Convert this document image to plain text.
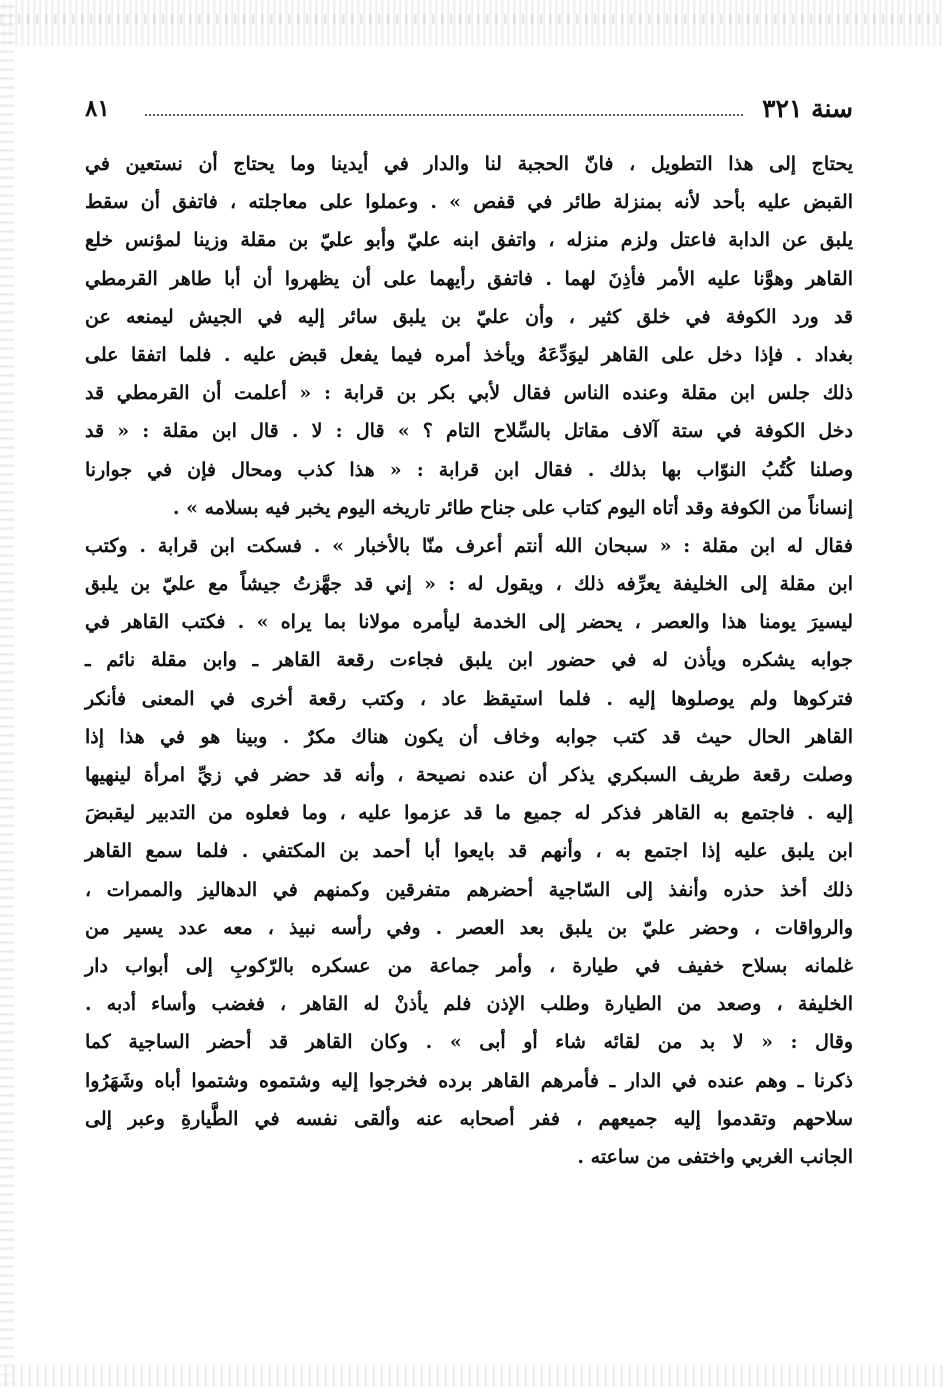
سنة ٣٢١
٨١
يحتاج إلى هذا التطويل ، فانّ الحجبة لنا والدار في أيدينا وما يحتاج أن نستعين في
القبض عليه بأحد لأنه بمنزلة طائر في قفص » . وعملوا على معاجلته ، فاتفق أن سقط
يلبق عن الدابة فاعتل ولزم منزله ، واتفق ابنه عليّ وأبو عليّ بن مقلة وزينا لمؤنس خلع
القاهر وهوَّنا عليه الأمر فأذِنَ لهما . فاتفق رأيهما على أن يظهروا أن أبا طاهر القرمطي
قد ورد الكوفة في خلق كثير ، وأن عليّ بن يلبق سائر إليه في الجيش ليمنعه عن
بغداد . فإذا دخل على القاهر ليوَدِّعَهُ ويأخذ أمره فيما يفعل قبض عليه . فلما اتفقا على
ذلك جلس ابن مقلة وعنده الناس فقال لأبي بكر بن قرابة : « أعلمت أن القرمطي قد
دخل الكوفة في ستة آلاف مقاتل بالسِّلاح التام ؟ » قال : لا . قال ابن مقلة : « قد
وصلنا كُتُبُ النوّاب بها بذلك . فقال ابن قرابة : « هذا كذب ومحال فإن في جوارنا
إنساناً من الكوفة وقد أتاه اليوم كتاب على جناح طائر تاريخه اليوم يخبر فيه بسلامه » .
فقال له ابن مقلة : « سبحان الله أنتم أعرف منّا بالأخبار » . فسكت ابن قرابة . وكتب
ابن مقلة إلى الخليفة يعرِّفه ذلك ، ويقول له : « إني قد جهَّزتُ جيشاً مع عليّ بن يلبق
ليسيرَ يومنا هذا والعصر ، يحضر إلى الخدمة ليأمره مولانا بما يراه » . فكتب القاهر في
جوابه يشكره ويأذن له في حضور ابن يلبق فجاءت رقعة القاهر ـ وابن مقلة نائم ـ
فتركوها ولم يوصلوها إليه . فلما استيقظ عاد ، وكتب رقعة أخرى في المعنى فأنكر
القاهر الحال حيث قد كتب جوابه وخاف أن يكون هناك مكرٌ . وبينا هو في هذا إذا
وصلت رقعة طريف السبكري يذكر أن عنده نصيحة ، وأنه قد حضر في زيِّ امرأة لينهيها
إليه . فاجتمع به القاهر فذكر له جميع ما قد عزموا عليه ، وما فعلوه من التدبير ليقبضَ
ابن يلبق عليه إذا اجتمع به ، وأنهم قد بايعوا أبا أحمد بن المكتفي . فلما سمع القاهر
ذلك أخذ حذره وأنفذ إلى السّاجية أحضرهم متفرقين وكمنهم في الدهاليز والممرات ،
والرواقات ، وحضر عليّ بن يلبق بعد العصر . وفي رأسه نبيذ ، معه عدد يسير من
غلمانه بسلاح خفيف في طيارة ، وأمر جماعة من عسكره بالرّكوبِ إلى أبواب دار
الخليفة ، وصعد من الطيارة وطلب الإذن فلم يأذنْ له القاهر ، فغضب وأساء أدبه .
وقال : « لا بد من لقائه شاء أو أبى » . وكان القاهر قد أحضر الساجية كما
ذكرنا ـ وهم عنده في الدار ـ فأمرهم القاهر برده فخرجوا إليه وشتموه وشتموا أباه وشَهَرُوا
سلاحهم وتقدموا إليه جميعهم ، ففر أصحابه عنه وألقى نفسه في الطَّيارةِ وعبر إلى
الجانب الغربي واختفى من ساعته .
